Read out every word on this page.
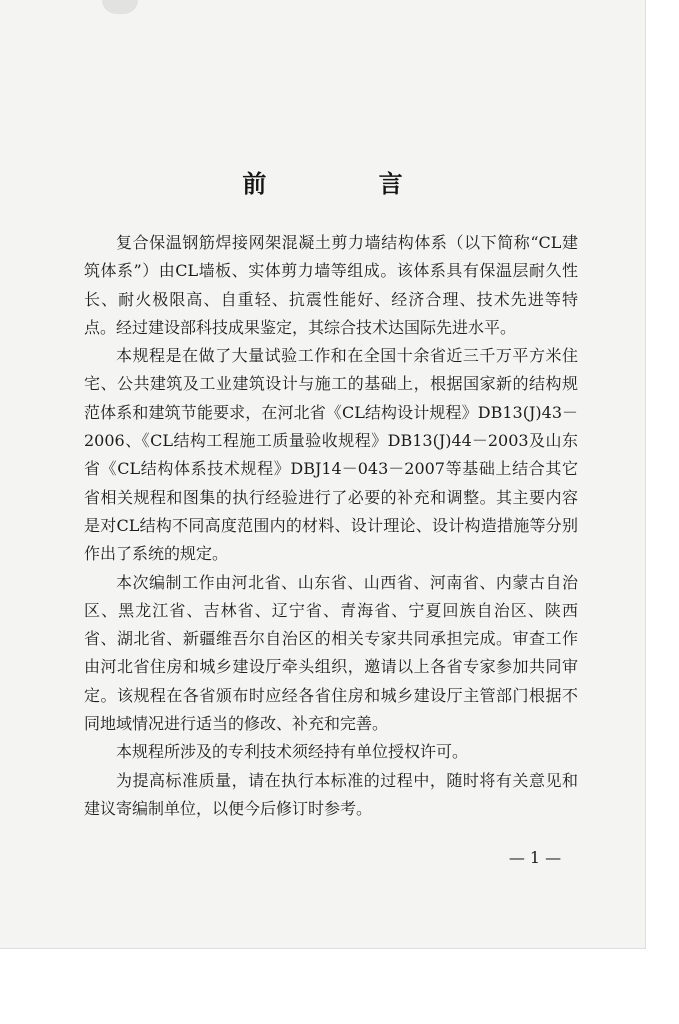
前 言

复合保温钢筋焊接网架混凝土剪力墙结构体系（以下简称“CL建筑体系”）由CL墙板、实体剪力墙等组成。该体系具有保温层耐久性长、耐火极限高、自重轻、抗震性能好、经济合理、技术先进等特点。经过建设部科技成果鉴定，其综合技术达国际先进水平。

本规程是在做了大量试验工作和在全国十余省近三千万平方米住宅、公共建筑及工业建筑设计与施工的基础上，根据国家新的结构规范体系和建筑节能要求，在河北省《CL结构设计规程》DB13(J)43－2006、《CL结构工程施工质量验收规程》DB13(J)44－2003及山东省《CL结构体系技术规程》DBJ14－043－2007等基础上结合其它省相关规程和图集的执行经验进行了必要的补充和调整。其主要内容是对CL结构不同高度范围内的材料、设计理论、设计构造措施等分别作出了系统的规定。

本次编制工作由河北省、山东省、山西省、河南省、内蒙古自治区、黑龙江省、吉林省、辽宁省、青海省、宁夏回族自治区、陕西省、湖北省、新疆维吾尔自治区的相关专家共同承担完成。审查工作由河北省住房和城乡建设厅牵头组织，邀请以上各省专家参加共同审定。该规程在各省颁布时应经各省住房和城乡建设厅主管部门根据不同地域情况进行适当的修改、补充和完善。

本规程所涉及的专利技术须经持有单位授权许可。

为提高标准质量，请在执行本标准的过程中，随时将有关意见和建议寄编制单位，以便今后修订时参考。

— 1 —
